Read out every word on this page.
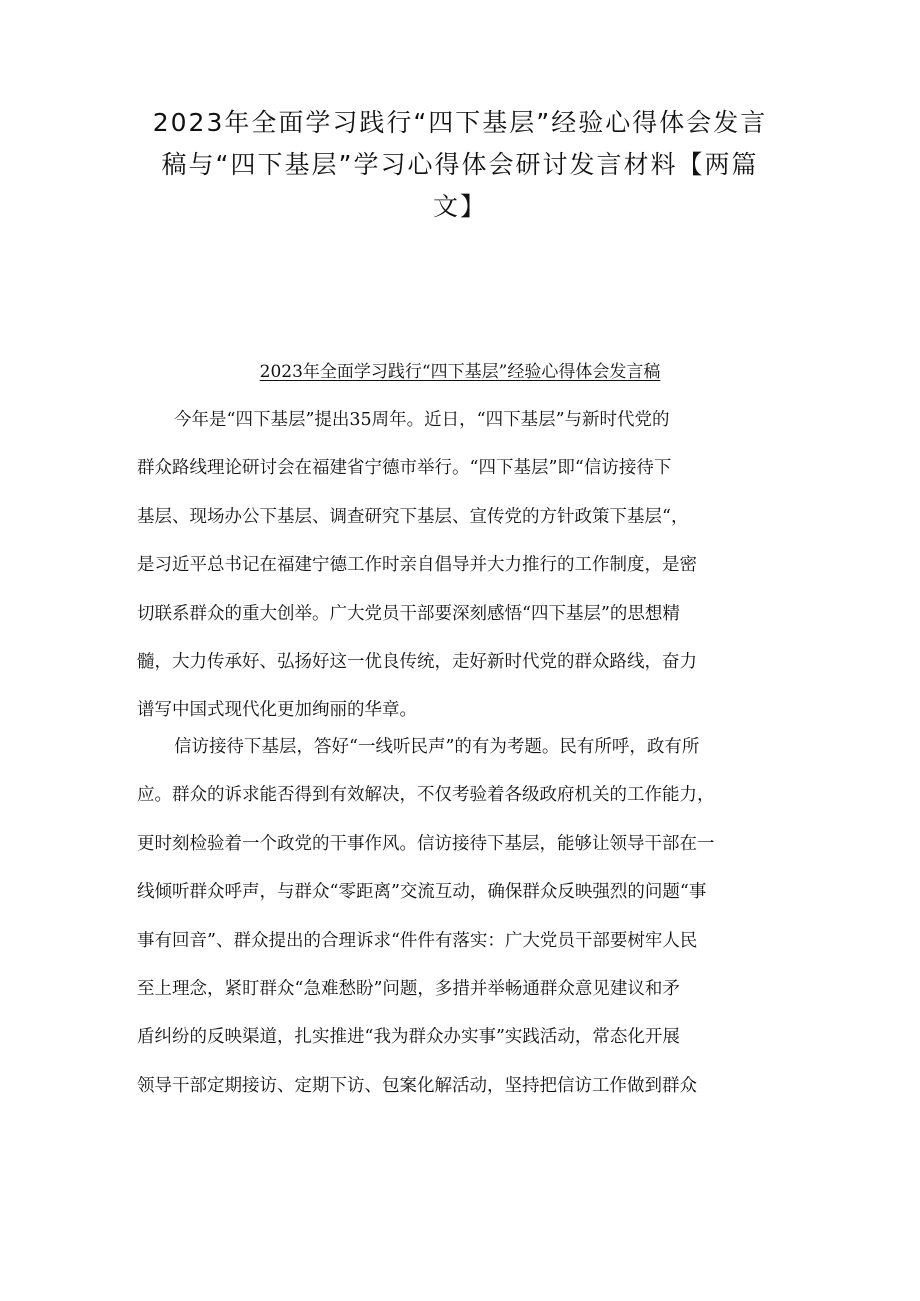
2023年全面学习践行“四下基层”经验心得体会发言
稿与“四下基层”学习心得体会研讨发言材料【两篇
文】
2023年全面学习践行“四下基层”经验心得体会发言稿

今年是“四下基层”提出35周年。近日，“四下基层”与新时代党的
群众路线理论研讨会在福建省宁德市举行。“四下基层”即“信访接待下
基层、现场办公下基层、调查研究下基层、宣传党的方针政策下基层“，
是习近平总书记在福建宁德工作时亲自倡导并大力推行的工作制度，是密
切联系群众的重大创举。广大党员干部要深刻感悟“四下基层”的思想精
髓，大力传承好、弘扬好这一优良传统，走好新时代党的群众路线，奋力
谱写中国式现代化更加绚丽的华章。

信访接待下基层，答好“一线听民声”的有为考题。民有所呼，政有所
应。群众的诉求能否得到有效解决，不仅考验着各级政府机关的工作能力，
更时刻检验着一个政党的干事作风。信访接待下基层，能够让领导干部在一
线倾听群众呼声，与群众“零距离”交流互动，确保群众反映强烈的问题“事
事有回音”、群众提出的合理诉求“件件有落实：广大党员干部要树牢人民
至上理念，紧盯群众“急难愁盼”问题，多措并举畅通群众意见建议和矛
盾纠纷的反映渠道，扎实推进“我为群众办实事”实践活动，常态化开展
领导干部定期接访、定期下访、包案化解活动，坚持把信访工作做到群众
